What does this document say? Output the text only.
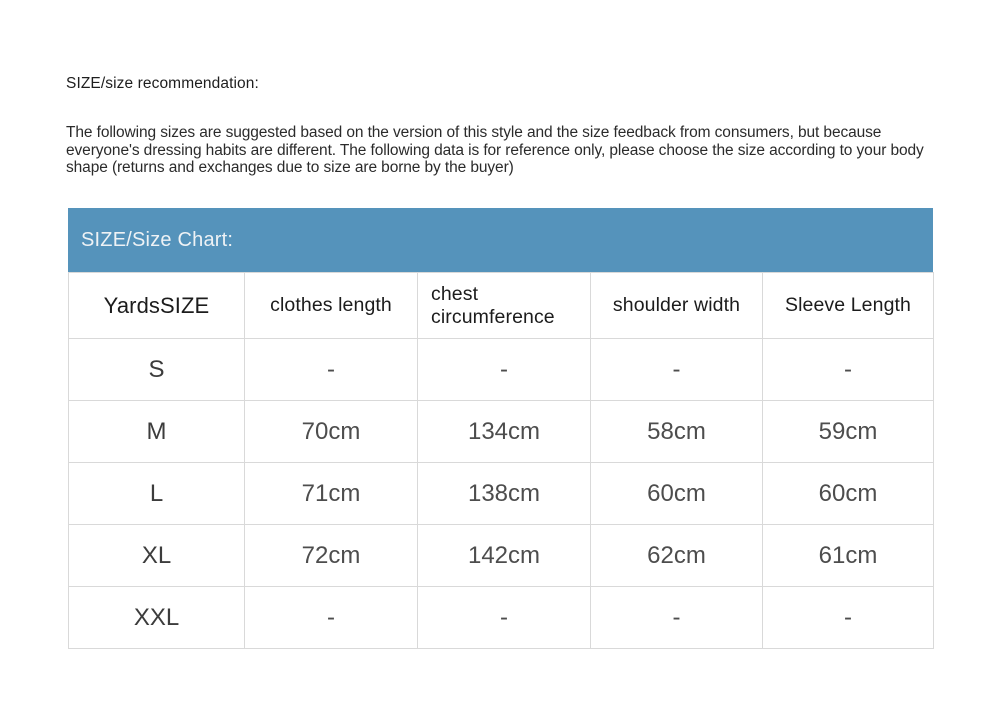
SIZE/size recommendation:

The following sizes are suggested based on the version of this style and the size feedback from consumers, but because everyone's dressing habits are different. The following data is for reference only, please choose the size according to your body shape (returns and exchanges due to size are borne by the buyer)

SIZE/Size Chart:
YardsSIZE	clothes length	chest circumference	shoulder width	Sleeve Length
S	-	-	-	-
M	70cm	134cm	58cm	59cm
L	71cm	138cm	60cm	60cm
XL	72cm	142cm	62cm	61cm
XXL	-	-	-	-
